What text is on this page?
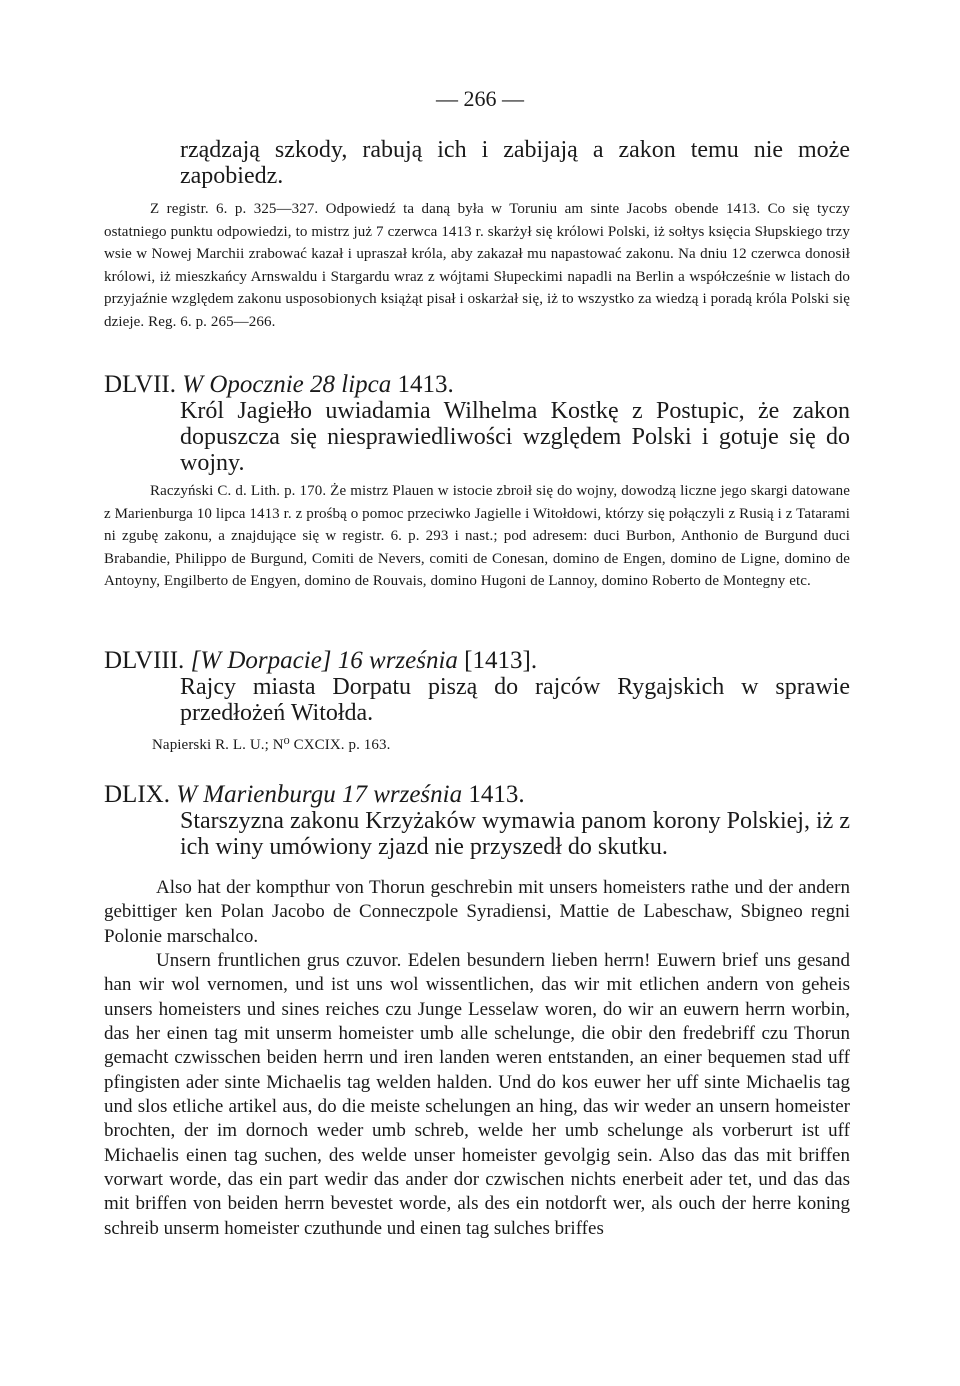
— 266 —
rządzają szkody, rabują ich i zabijają a zakon temu nie może zapobiedz.
Z registr. 6. p. 325—327. Odpowiedź ta daną była w Toruniu am sinte Jacobs obende 1413. Co się tyczy ostatniego punktu odpowiedzi, to mistrz już 7 czerwca 1413 r. skarżył się królowi Polski, iż sołtys księcia Słupskiego trzy wsie w Nowej Marchii zrabować kazał i upraszał króla, aby zakazał mu napastować zakonu. Na dniu 12 czerwca donosił królowi, iż mieszkańcy Arnswaldu i Stargardu wraz z wójtami Słupeckimi napadli na Berlin a współcześnie w listach do przyjaźnie względem zakonu usposobionych książąt pisał i oskarżał się, iż to wszystko za wiedzą i poradą króla Polski się dzieje. Reg. 6. p. 265—266.
DLVII. W Opocznie 28 lipca 1413.
Król Jagiełło uwiadamia Wilhelma Kostkę z Postupic, że zakon dopuszcza się niesprawiedliwości względem Polski i gotuje się do wojny.
Raczyński C. d. Lith. p. 170. Że mistrz Plauen w istocie zbroił się do wojny, dowodzą liczne jego skargi datowane z Marienburga 10 lipca 1413 r. z prośbą o pomoc przeciwko Jagielle i Witołdowi, którzy się połączyli z Rusią i z Tatarami ni zgubę zakonu, a znajdujące się w registr. 6. p. 293 i nast.; pod adresem: duci Burbon, Anthonio de Burgund duci Brabandie, Philippo de Burgund, Comiti de Nevers, comiti de Conesan, domino de Engen, domino de Ligne, domino de Antoyny, Engilberto de Engyen, domino de Rouvais, domino Hugoni de Lannoy, domino Roberto de Montegny etc.
DLVIII. [W Dorpacie] 16 września [1413].
Rajcy miasta Dorpatu piszą do rajców Rygajskich w sprawie przedłożeń Witołda.
Napierski R. L. U.; N⁰ CXCIX. p. 163.
DLIX. W Marienburgu 17 września 1413.
Starszyzna zakonu Krzyżaków wymawia panom korony Polskiej, iż z ich winy umówiony zjazd nie przyszedł do skutku.

Also hat der kompthur von Thorun geschrebin mit unsers homeisters rathe und der andern gebittiger ken Polan Jacobo de Conneczpole Syradiensi, Mattie de Labeschaw, Sbigneo regni Polonie marschalco.

Unsern fruntlichen grus czuvor. Edelen besundern lieben herrn! Euwern brief uns gesand han wir wol vernomen, und ist uns wol wissentlichen, das wir mit etlichen andern von geheis unsers homeisters und sines reiches czu Junge Lesselaw woren, do wir an euwern herrn worbin, das her einen tag mit unserm homeister umb alle schelunge, die obir den fredebriff czu Thorun gemacht czwisschen beiden herrn und iren landen weren entstanden, an einer bequemen stad uff pfingisten ader sinte Michaelis tag welden halden. Und do kos euwer her uff sinte Michaelis tag und slos etliche artikel aus, do die meiste schelungen an hing, das wir weder an unsern homeister brochten, der im dornoch weder umb schreb, welde her umb schelunge als vorberurt ist uff Michaelis einen tag suchen, des welde unser homeister gevolgig sein. Also das das mit briffen vorwart worde, das ein part wedir das ander dor czwischen nichts enerbeit ader tet, und das das mit briffen von beiden herrn bevestet worde, als des ein notdorft wer, als ouch der herre koning schreib unserm homeister czuthunde und einen tag sulches briffes
